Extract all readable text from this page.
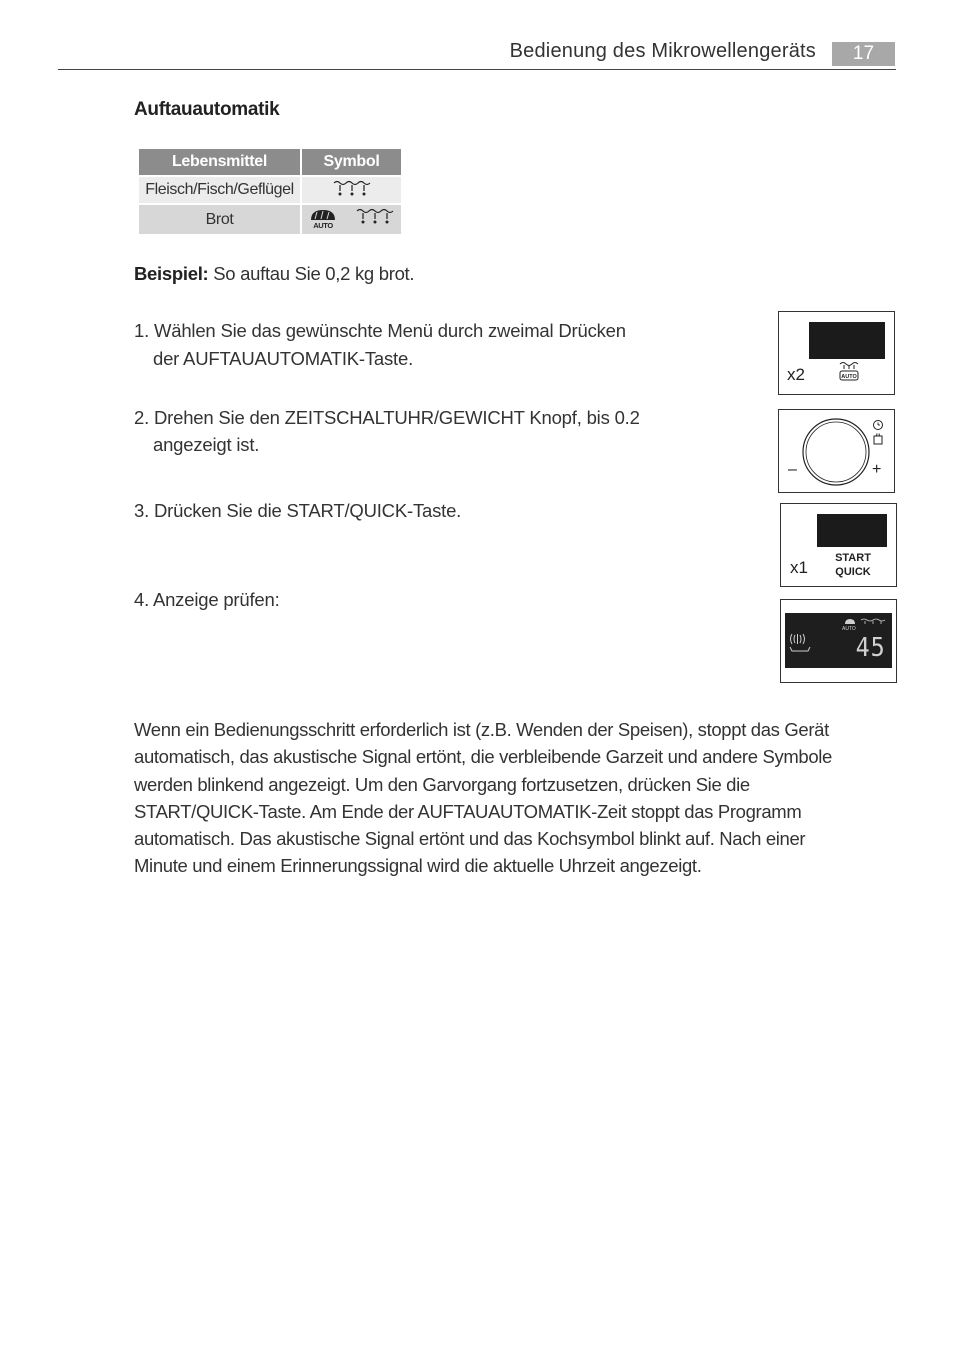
Bedienung des Mikrowellengeräts	17
Auftauautomatik
Lebensmittel	Symbol
Fleisch/Fisch/Geflügel	
Brot	AUTO
Beispiel: So auftau Sie 0,2 kg brot.
1. Wählen Sie das gewünschte Menü durch zweimal Drücken
der AUFTAUAUTOMATIK-Taste.
2. Drehen Sie den ZEITSCHALTUHR/GEWICHT Knopf, bis 0.2
angezeigt ist.
3. Drücken Sie die START/QUICK-Taste.
4. Anzeige prüfen:
x2	AUTO
–	+
x1	START
QUICK
AUTO
45
Wenn ein Bedienungsschritt erforderlich ist (z.B. Wenden der Speisen), stoppt das Gerät automatisch, das akustische Signal ertönt, die verbleibende Garzeit und andere Symbole werden blinkend angezeigt. Um den Garvorgang fortzusetzen, drücken Sie die START/QUICK-Taste. Am Ende der AUFTAUAUTOMATIK-Zeit stoppt das Programm automatisch. Das akustische Signal ertönt und das Kochsymbol blinkt auf. Nach einer Minute und einem Erinnerungssignal wird die aktuelle Uhrzeit angezeigt.
